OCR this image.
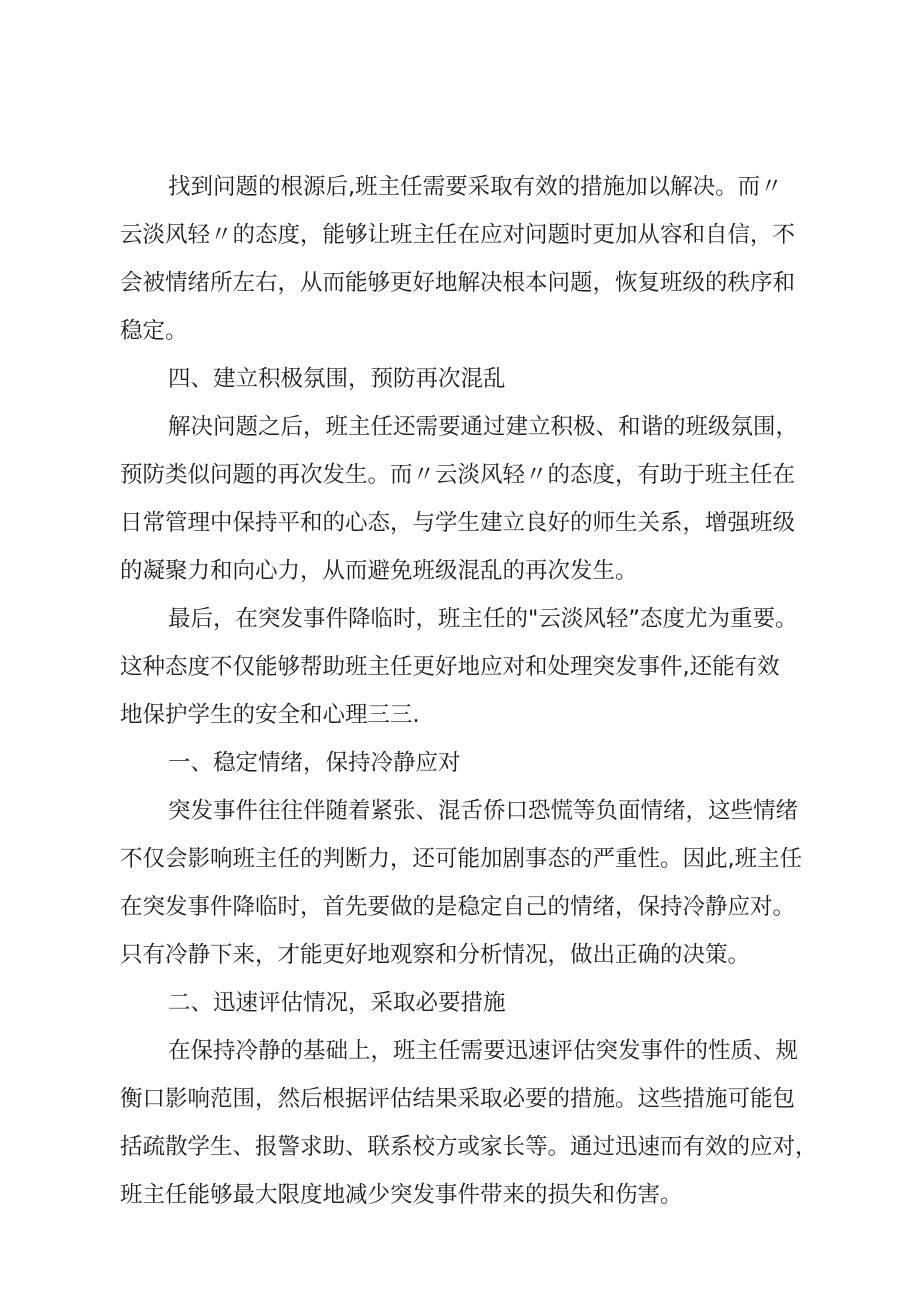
找到问题的根源后,班主任需要采取有效的措施加以解决。而〃
云淡风轻〃的态度，能够让班主任在应对问题时更加从容和自信，不
会被情绪所左右，从而能够更好地解决根本问题，恢复班级的秩序和
稳定。
四、建立积极氛围，预防再次混乱
解决问题之后，班主任还需要通过建立积极、和谐的班级氛围，
预防类似问题的再次发生。而〃云淡风轻〃的态度，有助于班主任在
日常管理中保持平和的心态，与学生建立良好的师生关系，增强班级
的凝聚力和向心力，从而避免班级混乱的再次发生。
最后，在突发事件降临时，班主任的"云淡风轻”态度尤为重要。
这种态度不仅能够帮助班主任更好地应对和处理突发事件,还能有效
地保护学生的安全和心理三三.
一、稳定情绪，保持冷静应对
突发事件往往伴随着紧张、混舌侨口恐慌等负面情绪，这些情绪
不仅会影响班主任的判断力，还可能加剧事态的严重性。因此,班主任
在突发事件降临时，首先要做的是稳定自己的情绪，保持冷静应对。
只有冷静下来，才能更好地观察和分析情况，做出正确的决策。
二、迅速评估情况，采取必要措施
在保持冷静的基础上，班主任需要迅速评估突发事件的性质、规
衡口影响范围，然后根据评估结果采取必要的措施。这些措施可能包
括疏散学生、报警求助、联系校方或家长等。通过迅速而有效的应对，
班主任能够最大限度地减少突发事件带来的损失和伤害。
